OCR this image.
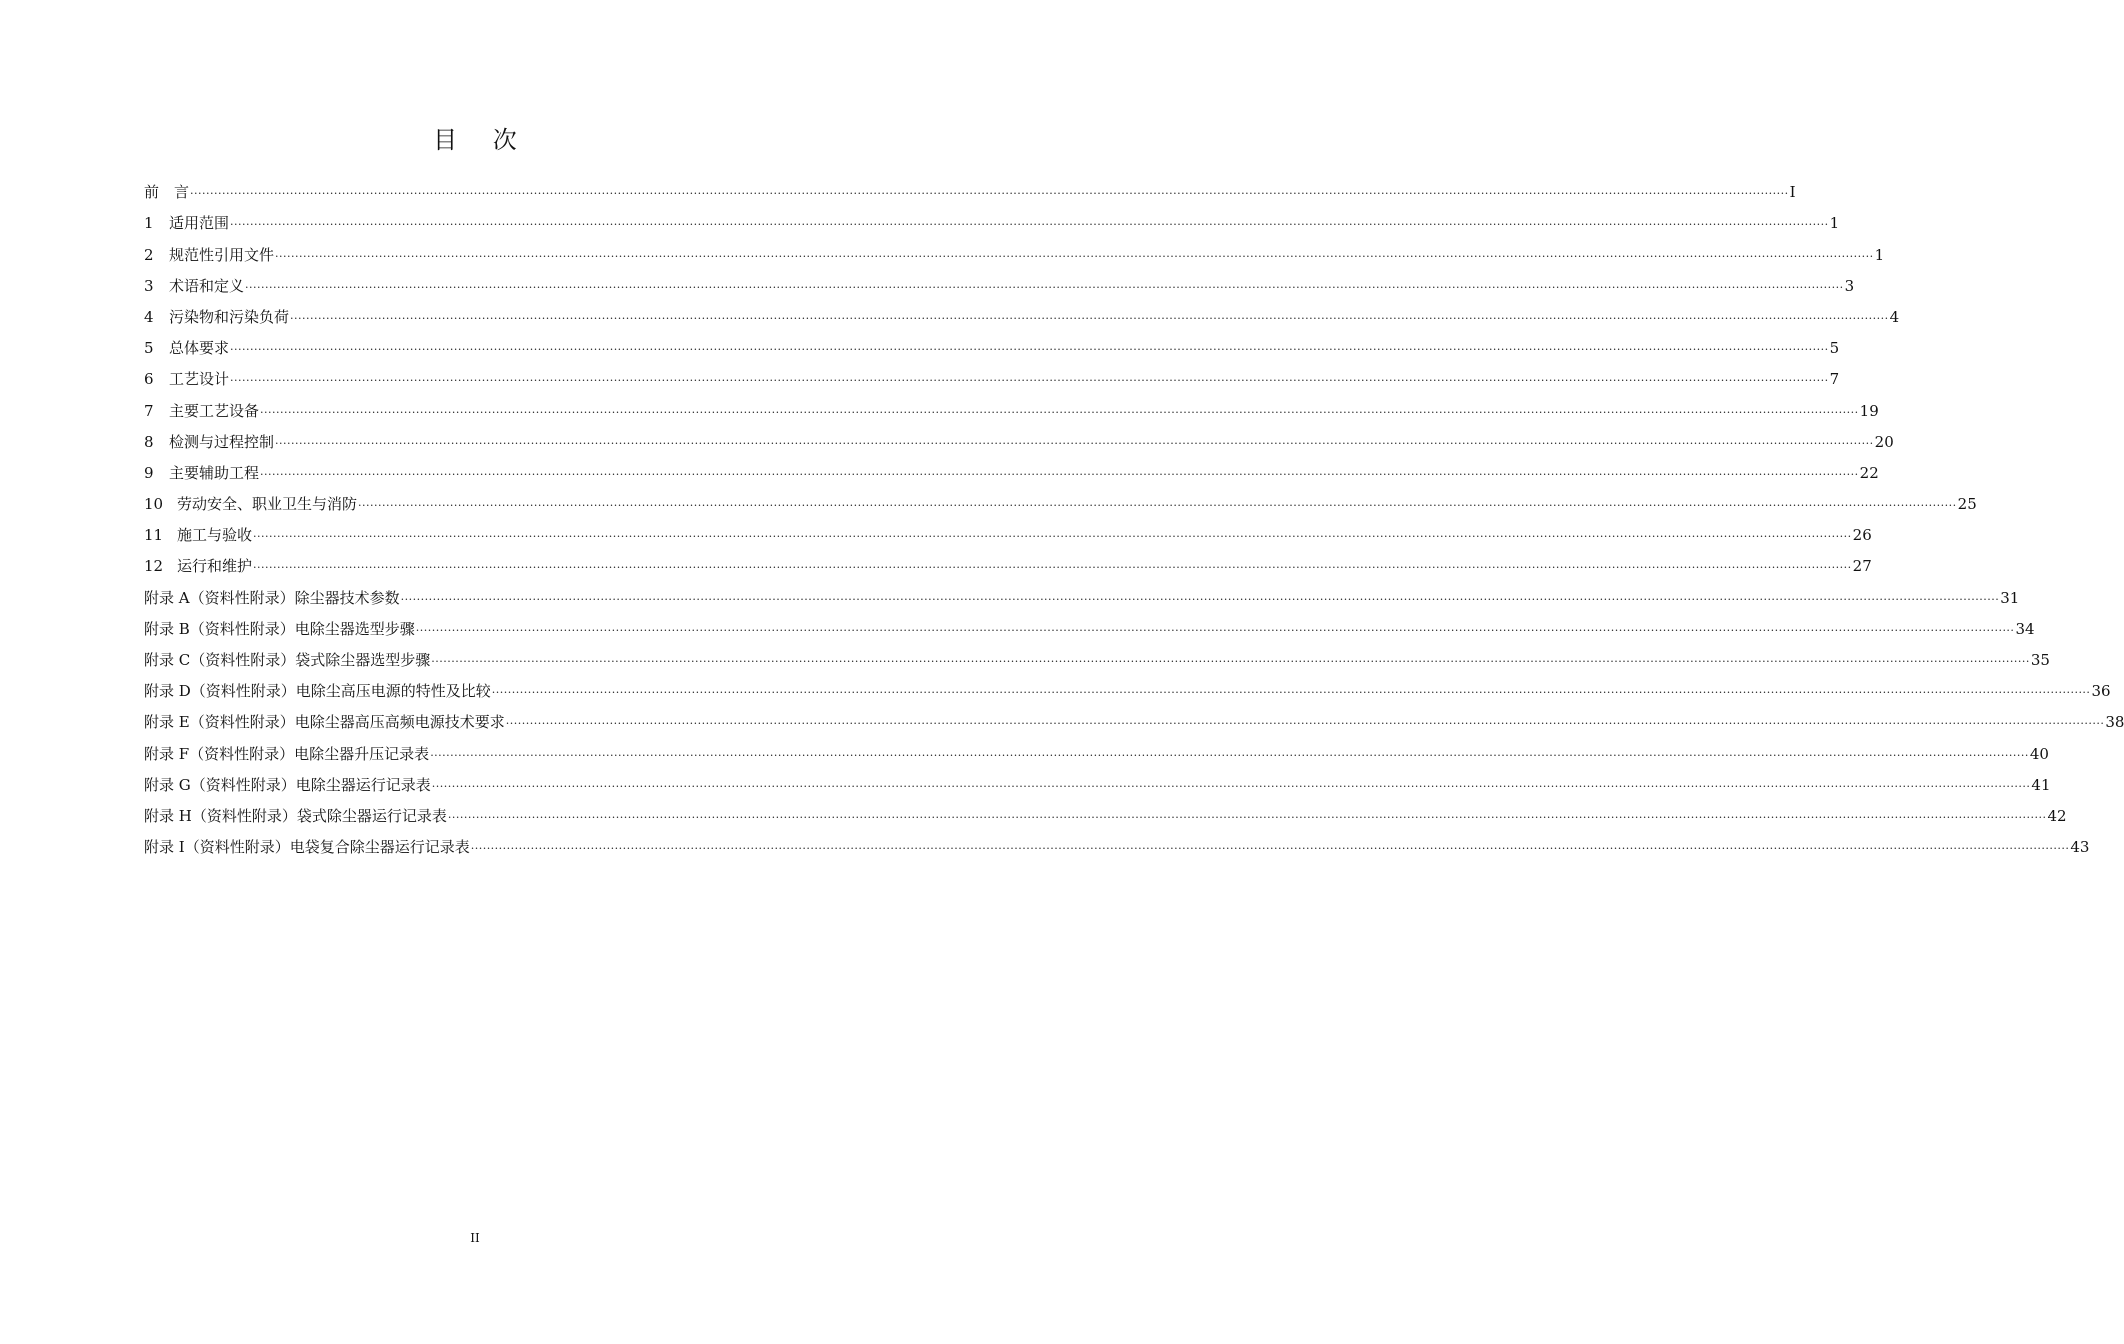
目 次
前　言 ................................................................................................................................................................................................................................................................................................................................................................................................................ I
1 适用范围 ................................................................................................................................................................................................................................................................................................................................................................................................................ 1
2 规范性引用文件 ................................................................................................................................................................................................................................................................................................................................................................................................................ 1
3 术语和定义 ................................................................................................................................................................................................................................................................................................................................................................................................................ 3
4 污染物和污染负荷 ................................................................................................................................................................................................................................................................................................................................................................................................................ 4
5 总体要求 ................................................................................................................................................................................................................................................................................................................................................................................................................ 5
6 工艺设计 ................................................................................................................................................................................................................................................................................................................................................................................................................ 7
7 主要工艺设备 ................................................................................................................................................................................................................................................................................................................................................................................................................ 19
8 检测与过程控制 ................................................................................................................................................................................................................................................................................................................................................................................................................ 20
9 主要辅助工程 ................................................................................................................................................................................................................................................................................................................................................................................................................ 22
10 劳动安全、职业卫生与消防 ................................................................................................................................................................................................................................................................................................................................................................................................................ 25
11 施工与验收 ................................................................................................................................................................................................................................................................................................................................................................................................................ 26
12 运行和维护 ................................................................................................................................................................................................................................................................................................................................................................................................................ 27
附录 A（资料性附录）除尘器技术参数 ................................................................................................................................................................................................................................................................................................................................................................................................................ 31
附录 B（资料性附录）电除尘器选型步骤 ................................................................................................................................................................................................................................................................................................................................................................................................................ 34
附录 C（资料性附录）袋式除尘器选型步骤 ................................................................................................................................................................................................................................................................................................................................................................................................................ 35
附录 D（资料性附录）电除尘高压电源的特性及比较 ................................................................................................................................................................................................................................................................................................................................................................................................................ 36
附录 E（资料性附录）电除尘器高压高频电源技术要求 ................................................................................................................................................................................................................................................................................................................................................................................................................ 38
附录 F（资料性附录）电除尘器升压记录表 ................................................................................................................................................................................................................................................................................................................................................................................................................ 40
附录 G（资料性附录）电除尘器运行记录表 ................................................................................................................................................................................................................................................................................................................................................................................................................ 41
附录 H（资料性附录）袋式除尘器运行记录表 ................................................................................................................................................................................................................................................................................................................................................................................................................ 42
附录 I（资料性附录）电袋复合除尘器运行记录表 ................................................................................................................................................................................................................................................................................................................................................................................................................ 43
II
